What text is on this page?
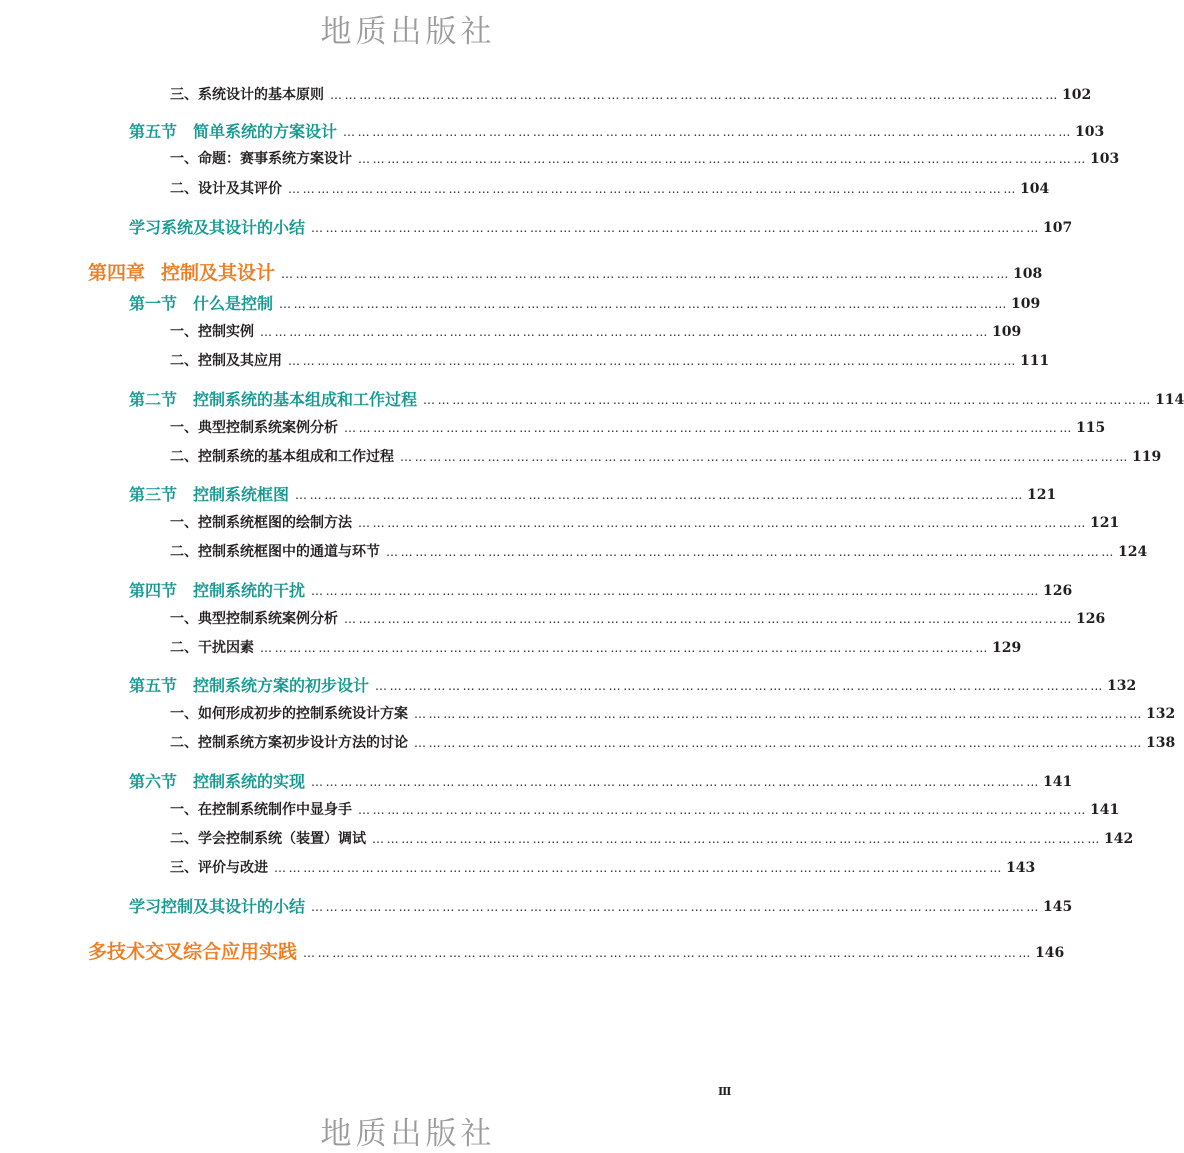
地质出版社
三、系统设计的基本原则 …………………………………………………………………………………………………………………………………… 102
第五节 简单系统的方案设计 …………………………………………………………………………………………………………………………………… 103
一、命题：赛事系统方案设计 …………………………………………………………………………………………………………………………………… 103
二、设计及其评价 …………………………………………………………………………………………………………………………………… 104
学习系统及其设计的小结 …………………………………………………………………………………………………………………………………… 107
第四章 控制及其设计 …………………………………………………………………………………………………………………………………… 108
第一节 什么是控制 …………………………………………………………………………………………………………………………………… 109
一、控制实例 …………………………………………………………………………………………………………………………………… 109
二、控制及其应用 …………………………………………………………………………………………………………………………………… 111
第二节 控制系统的基本组成和工作过程 …………………………………………………………………………………………………………………………………… 114
一、典型控制系统案例分析 …………………………………………………………………………………………………………………………………… 115
二、控制系统的基本组成和工作过程 …………………………………………………………………………………………………………………………………… 119
第三节 控制系统框图 …………………………………………………………………………………………………………………………………… 121
一、控制系统框图的绘制方法 …………………………………………………………………………………………………………………………………… 121
二、控制系统框图中的通道与环节 …………………………………………………………………………………………………………………………………… 124
第四节 控制系统的干扰 …………………………………………………………………………………………………………………………………… 126
一、典型控制系统案例分析 …………………………………………………………………………………………………………………………………… 126
二、干扰因素 …………………………………………………………………………………………………………………………………… 129
第五节 控制系统方案的初步设计 …………………………………………………………………………………………………………………………………… 132
一、如何形成初步的控制系统设计方案 …………………………………………………………………………………………………………………………………… 132
二、控制系统方案初步设计方法的讨论 …………………………………………………………………………………………………………………………………… 138
第六节 控制系统的实现 …………………………………………………………………………………………………………………………………… 141
一、在控制系统制作中显身手 …………………………………………………………………………………………………………………………………… 141
二、学会控制系统（装置）调试 …………………………………………………………………………………………………………………………………… 142
三、评价与改进 …………………………………………………………………………………………………………………………………… 143
学习控制及其设计的小结 …………………………………………………………………………………………………………………………………… 145
多技术交叉综合应用实践 …………………………………………………………………………………………………………………………………… 146
Ⅲ
地质出版社
